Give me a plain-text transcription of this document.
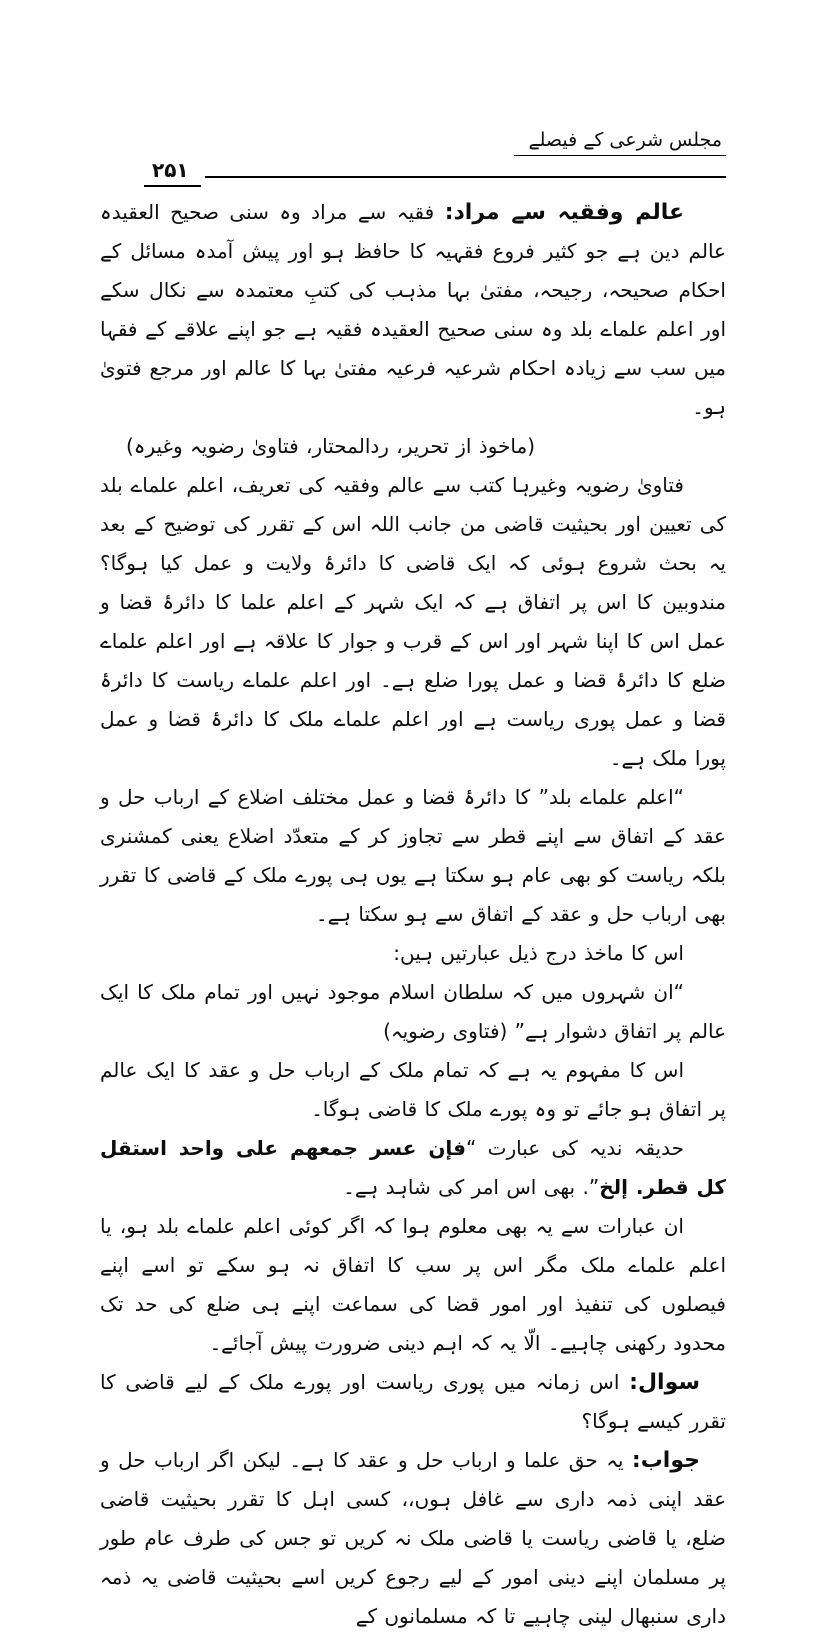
مجلس شرعی کے فیصلے
۲۵۱

عالم وفقیہ سے مراد: فقیہ سے مراد وہ سنی صحیح العقیدہ عالم دین ہے جو کثیر فروع فقہیہ کا حافظ ہو اور پیش آمدہ مسائل کے احکام صحیحہ، رجیحہ، مفتیٰ بہا مذہب کی کتبِ معتمدہ سے نکال سکے اور اعلم علماے بلد وہ سنی صحیح العقیدہ فقیہ ہے جو اپنے علاقے کے فقہا میں سب سے زیادہ احکام شرعیہ فرعیہ مفتیٰ بہا کا عالم اور مرجع فتویٰ ہو۔

(ماخوذ از تحریر، ردالمحتار، فتاویٰ رضویہ وغیرہ)

فتاویٰ رضویہ وغیرہا کتب سے عالم وفقیہ کی تعریف، اعلم علماے بلد کی تعیین اور بحیثیت قاضی من جانب اللہ اس کے تقرر کی توضیح کے بعد یہ بحث شروع ہوئی کہ ایک قاضی کا دائرۂ ولایت و عمل کیا ہوگا؟ مندوبین کا اس پر اتفاق ہے کہ ایک شہر کے اعلم علما کا دائرۂ قضا و عمل اس کا اپنا شہر اور اس کے قرب و جوار کا علاقہ ہے اور اعلم علماے ضلع کا دائرۂ قضا و عمل پورا ضلع ہے۔ اور اعلم علماے ریاست کا دائرۂ قضا و عمل پوری ریاست ہے اور اعلم علماے ملک کا دائرۂ قضا و عمل پورا ملک ہے۔

“اعلم علماے بلد” کا دائرۂ قضا و عمل مختلف اضلاع کے ارباب حل و عقد کے اتفاق سے اپنے قطر سے تجاوز کر کے متعدّد اضلاع یعنی کمشنری بلکہ ریاست کو بھی عام ہو سکتا ہے یوں ہی پورے ملک کے قاضی کا تقرر بھی ارباب حل و عقد کے اتفاق سے ہو سکتا ہے۔

اس کا ماخذ درج ذیل عبارتیں ہیں:

“ان شہروں میں کہ سلطان اسلام موجود نہیں اور تمام ملک کا ایک عالم پر اتفاق دشوار ہے” (فتاوی رضویہ)

اس کا مفہوم یہ ہے کہ تمام ملک کے ارباب حل و عقد کا ایک عالم پر اتفاق ہو جائے تو وہ پورے ملک کا قاضی ہوگا۔

حدیقہ ندیہ کی عبارت “فإن عسر جمعهم على واحد استقل كل قطر. إلخ”. بھی اس امر کی شاہد ہے۔

ان عبارات سے یہ بھی معلوم ہوا کہ اگر کوئی اعلم علماے بلد ہو، یا اعلم علماے ملک مگر اس پر سب کا اتفاق نہ ہو سکے تو اسے اپنے فیصلوں کی تنفیذ اور امور قضا کی سماعت اپنے ہی ضلع کی حد تک محدود رکھنی چاہیے۔ الّا یہ کہ اہم دینی ضرورت پیش آجائے۔

سوال: اس زمانہ میں پوری ریاست اور پورے ملک کے لیے قاضی کا تقرر کیسے ہوگا؟

جواب: یہ حق علما و ارباب حل و عقد کا ہے۔ لیکن اگر ارباب حل و عقد اپنی ذمہ داری سے غافل ہوں،، کسی اہل کا تقرر بحیثیت قاضی ضلع، یا قاضی ریاست یا قاضی ملک نہ کریں تو جس کی طرف عام طور پر مسلمان اپنے دینی امور کے لیے رجوع کریں اسے بحیثیت قاضی یہ ذمہ داری سنبھال لینی چاہیے تا کہ مسلمانوں کے
